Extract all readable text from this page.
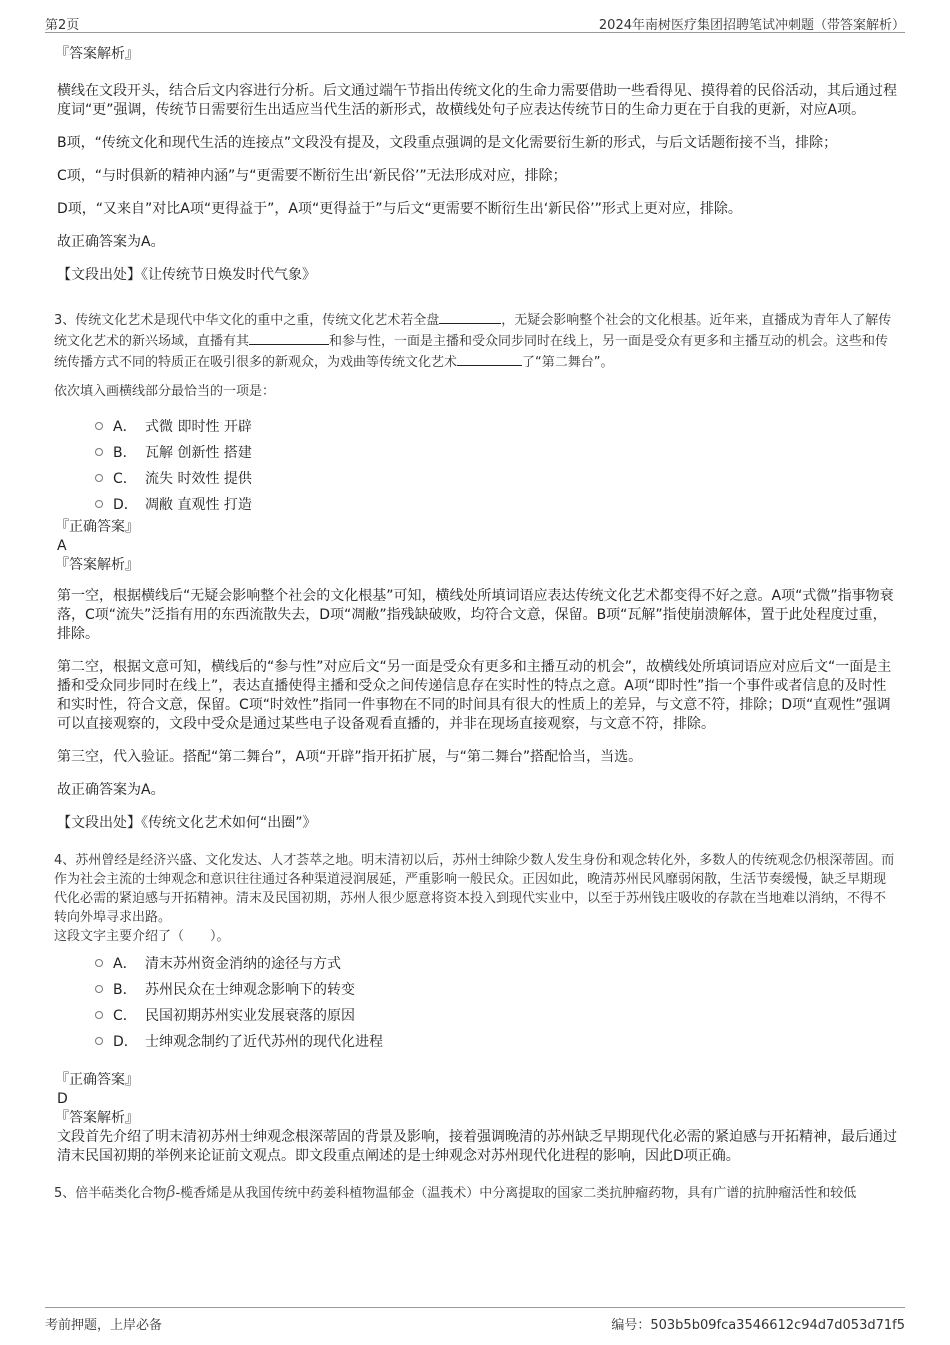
第2页	2024年南树医疗集团招聘笔试冲刺题（带答案解析）
『答案解析』

横线在文段开头，结合后文内容进行分析。后文通过端午节指出传统文化的生命力需要借助一些看得见、摸得着的民俗活动，其后通过程度词“更”强调，传统节日需要衍生出适应当代生活的新形式，故横线处句子应表达传统节日的生命力更在于自我的更新，对应A项。

B项，“传统文化和现代生活的连接点”文段没有提及，文段重点强调的是文化需要衍生新的形式，与后文话题衔接不当，排除；

C项，“与时俱新的精神内涵”与“更需要不断衍生出‘新民俗’”无法形成对应，排除；

D项，“又来自”对比A项“更得益于”，A项“更得益于”与后文“更需要不断衍生出‘新民俗’”形式上更对应，排除。

故正确答案为A。

【文段出处】《让传统节日焕发时代气象》

3、传统文化艺术是现代中华文化的重中之重，传统文化艺术若全盘	，无疑会影响整个社会的文化根基。近年来，直播成为青年人了解传统文化艺术的新兴场域，直播有其	和参与性，一面是主播和受众同步同时在线上，另一面是受众有更多和主播互动的机会。这些和传统传播方式不同的特质正在吸引很多的新观众，为戏曲等传统文化艺术	了“第二舞台”。

依次填入画横线部分最恰当的一项是：

A． 式微 即时性 开辟
B． 瓦解 创新性 搭建
C． 流失 时效性 提供
D． 凋敝 直观性 打造
『正确答案』
A
『答案解析』

第一空，根据横线后“无疑会影响整个社会的文化根基”可知，横线处所填词语应表达传统文化艺术都变得不好之意。A项“式微”指事物衰落，C项“流失”泛指有用的东西流散失去，D项“凋敝”指残缺破败，均符合文意，保留。B项“瓦解”指使崩溃解体，置于此处程度过重，排除。

第二空，根据文意可知，横线后的“参与性”对应后文“另一面是受众有更多和主播互动的机会”，故横线处所填词语应对应后文“一面是主播和受众同步同时在线上”，表达直播使得主播和受众之间传递信息存在实时性的特点之意。A项“即时性”指一个事件或者信息的及时性和实时性，符合文意，保留。C项“时效性”指同一件事物在不同的时间具有很大的性质上的差异，与文意不符，排除；D项“直观性”强调可以直接观察的，文段中受众是通过某些电子设备观看直播的，并非在现场直接观察，与文意不符，排除。

第三空，代入验证。搭配“第二舞台”，A项“开辟”指开拓扩展，与“第二舞台”搭配恰当，当选。

故正确答案为A。

【文段出处】《传统文化艺术如何“出圈”》

4、苏州曾经是经济兴盛、文化发达、人才荟萃之地。明末清初以后，苏州士绅除少数人发生身份和观念转化外，多数人的传统观念仍根深蒂固。而作为社会主流的士绅观念和意识往往通过各种渠道浸润展延，严重影响一般民众。正因如此，晚清苏州民风靡弱闲散，生活节奏缓慢，缺乏早期现代化必需的紧迫感与开拓精神。清末及民国初期，苏州人很少愿意将资本投入到现代实业中，以至于苏州钱庄吸收的存款在当地难以消纳，不得不转向外埠寻求出路。

这段文字主要介绍了（　　）。

A． 清末苏州资金消纳的途径与方式
B． 苏州民众在士绅观念影响下的转变
C． 民国初期苏州实业发展衰落的原因
D． 士绅观念制约了近代苏州的现代化进程
『正确答案』
D
『答案解析』

文段首先介绍了明末清初苏州士绅观念根深蒂固的背景及影响，接着强调晚清的苏州缺乏早期现代化必需的紧迫感与开拓精神，最后通过清末民国初期的举例来论证前文观点。即文段重点阐述的是士绅观念对苏州现代化进程的影响，因此D项正确。

5、倍半萜类化合物β-榄香烯是从我国传统中药姜科植物温郁金（温莪术）中分离提取的国家二类抗肿瘤药物，具有广谱的抗肿瘤活性和较低

考前押题，上岸必备	编号：503b5b09fca3546612c94d7d053d71f5
